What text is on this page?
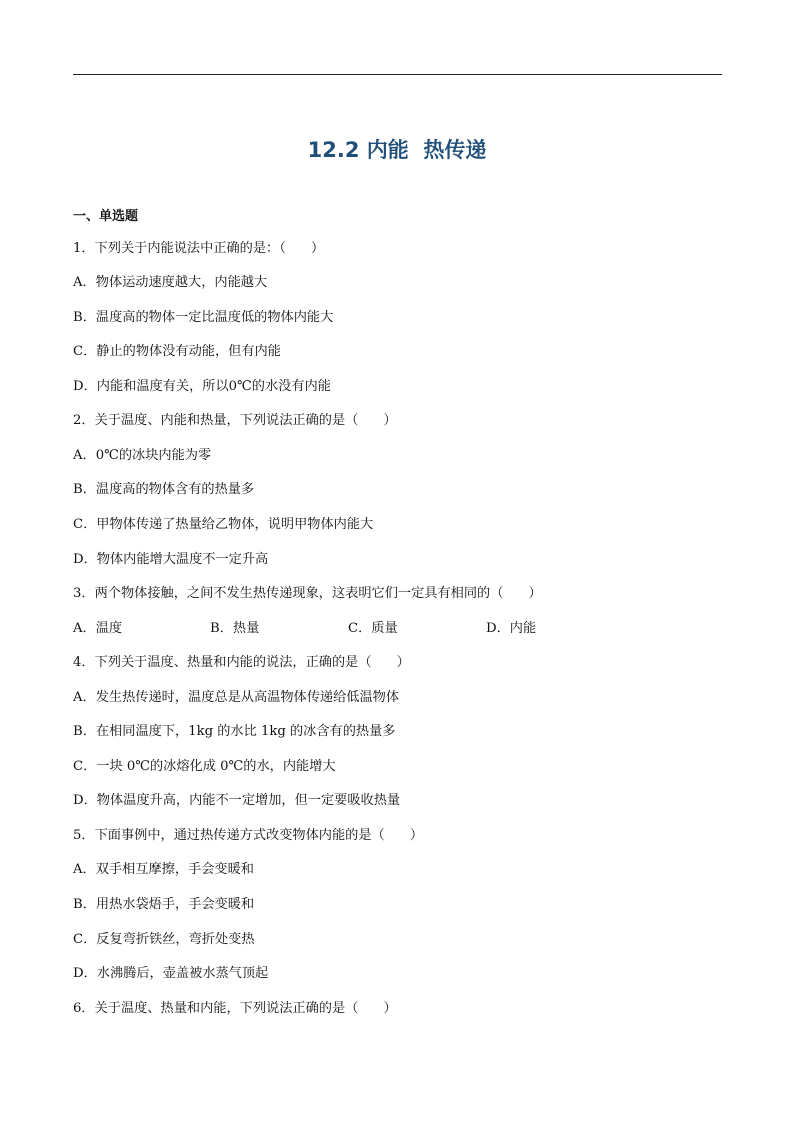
12.2 内能  热传递
一、单选题
1．下列关于内能说法中正确的是：（      ）
A．物体运动速度越大，内能越大
B．温度高的物体一定比温度低的物体内能大
C．静止的物体没有动能，但有内能
D．内能和温度有关，所以0℃的水没有内能
2．关于温度、内能和热量，下列说法正确的是（      ）
A．0℃的冰块内能为零
B．温度高的物体含有的热量多
C．甲物体传递了热量给乙物体，说明甲物体内能大
D．物体内能增大温度不一定升高
3．两个物体接触，之间不发生热传递现象，这表明它们一定具有相同的（      ）
A．温度	B．热量	C．质量	D．内能
4．下列关于温度、热量和内能的说法，正确的是（      ）
A．发生热传递时，温度总是从高温物体传递给低温物体
B．在相同温度下，1kg 的水比 1kg 的冰含有的热量多
C．一块 0℃的冰熔化成 0℃的水，内能增大
D．物体温度升高，内能不一定增加，但一定要吸收热量
5．下面事例中，通过热传递方式改变物体内能的是（      ）
A．双手相互摩擦，手会变暖和
B．用热水袋焐手，手会变暖和
C．反复弯折铁丝，弯折处变热
D．水沸腾后，壶盖被水蒸气顶起
6．关于温度、热量和内能，下列说法正确的是（      ）
